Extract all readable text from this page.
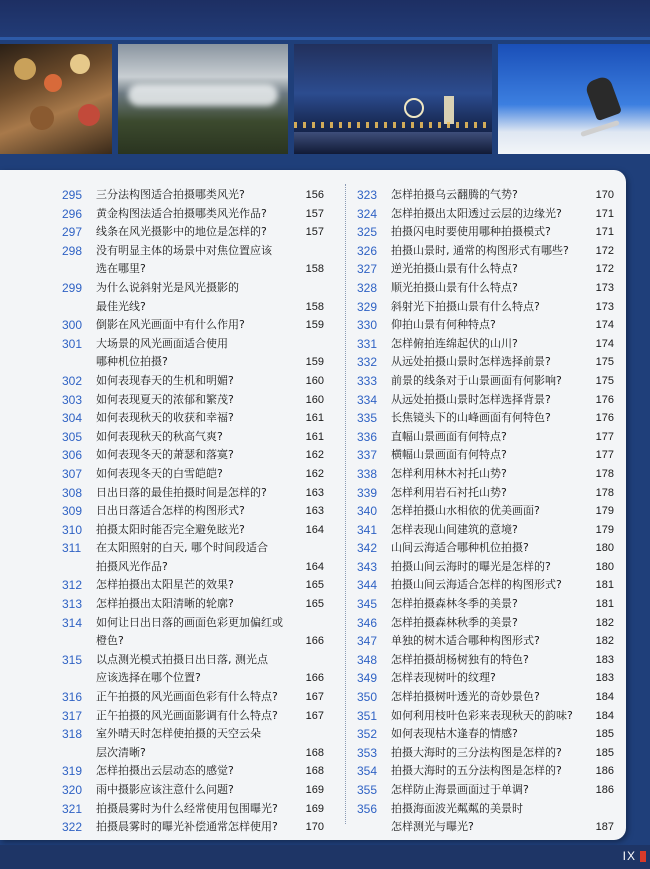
295	三分法构图适合拍摄哪类风光?	156
296	黄金构图法适合拍摄哪类风光作品?	157
297	线条在风光摄影中的地位是怎样的?	157
298	没有明显主体的场景中对焦位置应该
选在哪里?	158
299	为什么说斜射光是风光摄影的
最佳光线?	158
300	倒影在风光画面中有什么作用?	159
301	大场景的风光画面适合使用
哪种机位拍摄?	159
302	如何表现春天的生机和明媚?	160
303	如何表现夏天的浓郁和繁茂?	160
304	如何表现秋天的收获和幸福?	161
305	如何表现秋天的秋高气爽?	161
306	如何表现冬天的萧瑟和落寞?	162
307	如何表现冬天的白雪皑皑?	162
308	日出日落的最佳拍摄时间是怎样的?	163
309	日出日落适合怎样的构图形式?	163
310	拍摄太阳时能否完全避免眩光?	164
311	在太阳照射的白天, 哪个时间段适合
拍摄风光作品?	164
312	怎样拍摄出太阳星芒的效果?	165
313	怎样拍摄出太阳清晰的轮廓?	165
314	如何让日出日落的画面色彩更加偏红或
橙色?	166
315	以点测光模式拍摄日出日落, 测光点
应该选择在哪个位置?	166
316	正午拍摄的风光画面色彩有什么特点?	167
317	正午拍摄的风光画面影调有什么特点?	167
318	室外晴天时怎样使拍摄的天空云朵
层次清晰?	168
319	怎样拍摄出云层动态的感觉?	168
320	雨中摄影应该注意什么问题?	169
321	拍摄晨雾时为什么经常使用包围曝光?	169
322	拍摄晨雾时的曝光补偿通常怎样使用?	170
323	怎样拍摄乌云翻腾的气势?	170
324	怎样拍摄出太阳透过云层的边缘光?	171
325	拍摄闪电时要使用哪种拍摄模式?	171
326	拍摄山景时, 通常的构图形式有哪些?	172
327	逆光拍摄山景有什么特点?	172
328	顺光拍摄山景有什么特点?	173
329	斜射光下拍摄山景有什么特点?	173
330	仰拍山景有何种特点?	174
331	怎样俯拍连绵起伏的山川?	174
332	从远处拍摄山景时怎样选择前景?	175
333	前景的线条对于山景画面有何影响?	175
334	从远处拍摄山景时怎样选择背景?	176
335	长焦镜头下的山峰画面有何特色?	176
336	直幅山景画面有何特点?	177
337	横幅山景画面有何特点?	177
338	怎样利用林木衬托山势?	178
339	怎样利用岩石衬托山势?	178
340	怎样拍摄山水相依的优美画面?	179
341	怎样表现山间建筑的意境?	179
342	山间云海适合哪种机位拍摄?	180
343	拍摄山间云海时的曝光是怎样的?	180
344	拍摄山间云海适合怎样的构图形式?	181
345	怎样拍摄森林冬季的美景?	181
346	怎样拍摄森林秋季的美景?	182
347	单独的树木适合哪种构图形式?	182
348	怎样拍摄胡杨树独有的特色?	183
349	怎样表现树叶的纹理?	183
350	怎样拍摄树叶透光的奇妙景色?	184
351	如何利用枝叶色彩来表现秋天的韵味?	184
352	如何表现枯木逢春的情感?	185
353	拍摄大海时的三分法构图是怎样的?	185
354	拍摄大海时的五分法构图是怎样的?	186
355	怎样防止海景画面过于单调?	186
356	拍摄海面波光粼粼的美景时
怎样测光与曝光?	187
IX
